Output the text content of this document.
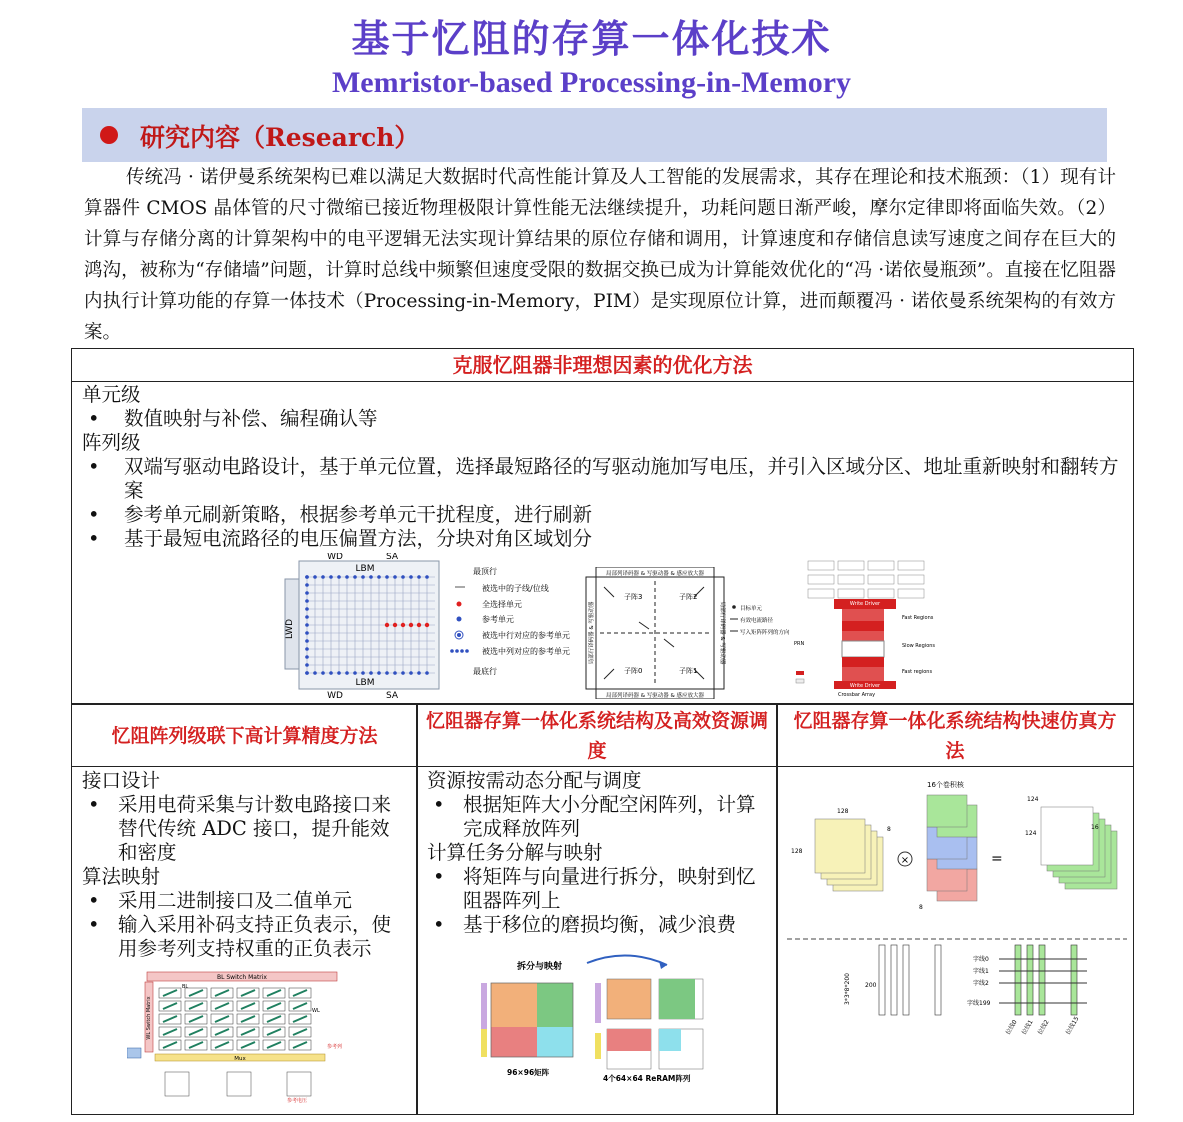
基于忆阻的存算一体化技术
Memristor-based Processing-in-Memory
研究内容（Research）

传统冯 · 诺伊曼系统架构已难以满足大数据时代高性能计算及人工智能的发展需求，其存在理论和技术瓶颈：（1）现有计算器件 CMOS 晶体管的尺寸微缩已接近物理极限计算性能无法继续提升，功耗问题日渐严峻，摩尔定律即将面临失效。（2）计算与存储分离的计算架构中的电平逻辑无法实现计算结果的原位存储和调用，计算速度和存储信息读写速度之间存在巨大的鸿沟，被称为“存储墙”问题，计算时总线中频繁但速度受限的数据交换已成为计算能效优化的“冯 ·诺依曼瓶颈”。直接在忆阻器内执行计算功能的存算一体技术（Processing-in-Memory，PIM）是实现原位计算，进而颠覆冯 · 诺依曼系统架构的有效方案。

克服忆阻器非理想因素的优化方法

单元级

• 数值映射与补偿、编程确认等

阵列级

• 双端写驱动电路设计，基于单元位置，选择最短路径的写驱动施加写电压，并引入区域分区、地址重新映射和翻转方案

• 参考单元刷新策略，根据参考单元干扰程度，进行刷新

• 基于最短电流路径的电压偏置方法，分块对角区域划分

LWD
WD	SA
LBM
LBM
WD	SA
最顶行
被选中的子线/位线
全选择单元
参考单元
被选中行对应的参考单元
被选中列对应的参考单元
最底行
局部列译码器 & 写驱动器 & 感应放大器
局部列译码器 & 写驱动器 & 感应放大器
局部行译码器 & 写驱动器	局部行译码器 & 写驱动器
子阵3	子阵2
子阵0	子阵1
目标单元
有效电流路径
写入矩阵阵列的方向
Write Driver
Write Driver
Fast Regions
Slow Regions
Fast regions
Crossbar Array
PRN
忆阻阵列级联下高计算精度方法

接口设计

• 采用电荷采集与计数电路接口来替代传统 ADC 接口，提升能效和密度

算法映射

• 采用二进制接口及二值单元

• 输入采用补码支持正负表示，使用参考列支持权重的正负表示

BL Switch Matrix
WL Switch Matrix
BL
WL
Mux
参考列
参考电压
忆阻器存算一体化系统结构及高效资源调度

资源按需动态分配与调度

• 根据矩阵大小分配空闲阵列，计算完成释放阵列

计算任务分解与映射

• 将矩阵与向量进行拆分，映射到忆阻器阵列上

• 基于移位的磨损均衡，减少浪费

拆分与映射
96×96矩阵
4个64×64 ReRAM阵列
忆阻器存算一体化系统结构快速仿真方法
16个卷积核
×	=
128
128
8
124
124
16
8
3*3*8*200 200
字线0
字线1
字线2
字线199
位线0 位线1 位线2 位线15
